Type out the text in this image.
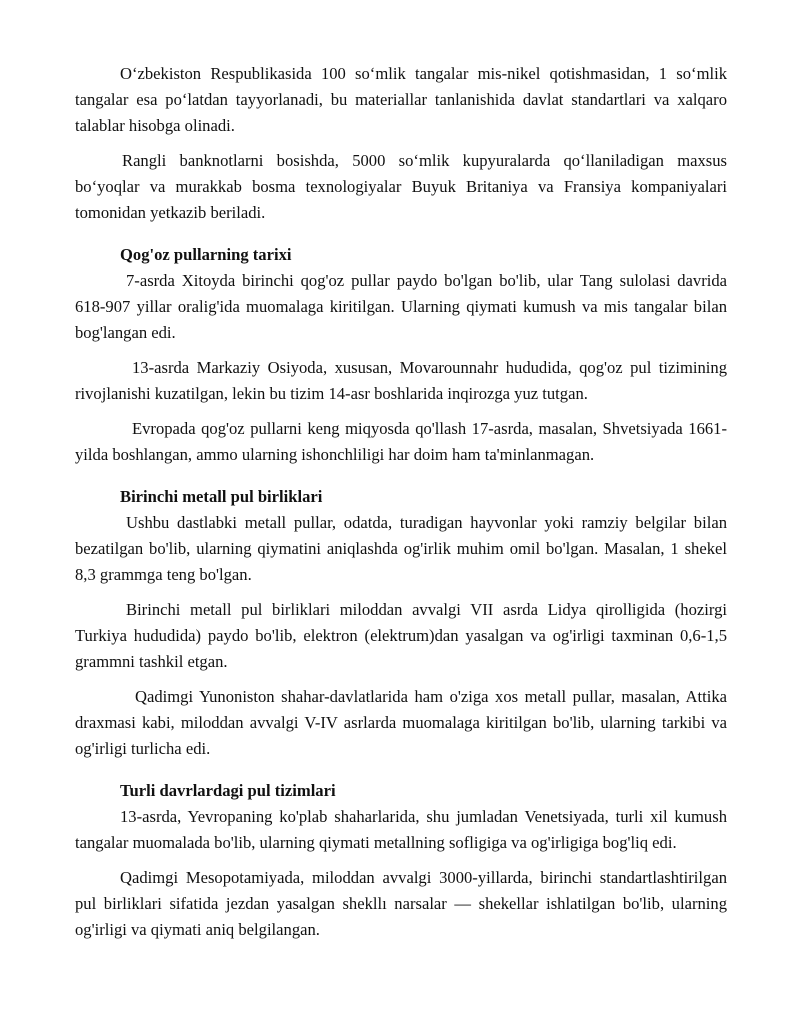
O‘zbekiston Respublikasida 100 so‘mlik tangalar mis-nikel qotishmasidan, 1 so‘mlik tangalar esa po‘latdan tayyorlanadi, bu materiallar tanlanishida davlat standartlari va xalqaro talablar hisobga olinadi.

Rangli banknotlarni bosishda, 5000 so‘mlik kupyuralarda qo‘llaniladigan maxsus bo‘yoqlar va murakkab bosma texnologiyalar Buyuk Britaniya va Fransiya kompaniyalari tomonidan yetkazib beriladi.

Qog'oz pullarning tarixi

7-asrda Xitoyda birinchi qog'oz pullar paydo bo'lgan bo'lib, ular Tang sulolasi davrida 618-907 yillar oralig'ida muomalaga kiritilgan. Ularning qiymati kumush va mis tangalar bilan bog'langan edi.

13-asrda Markaziy Osiyoda, xususan, Movarounnahr hududida, qog'oz pul tizimining rivojlanishi kuzatilgan, lekin bu tizim 14-asr boshlarida inqirozga yuz tutgan.

Evropada qog'oz pullarni keng miqyosda qo'llash 17-asrda, masalan, Shvetsiyada 1661-yilda boshlangan, ammo ularning ishonchliligi har doim ham ta'minlanmagan.

Birinchi metall pul birliklari

Ushbu dastlabki metall pullar, odatda, turadigan hayvonlar yoki ramziy belgilar bilan bezatilgan bo'lib, ularning qiymatini aniqlashda og'irlik muhim omil bo'lgan. Masalan, 1 shekel 8,3 grammga teng bo'lgan.

Birinchi metall pul birliklari miloddan avvalgi VII asrda Lidya qirolligida (hozirgi Turkiya hududida) paydo bo'lib, elektron (elektrum)dan yasalgan va og'irligi taxminan 0,6-1,5 grammni tashkil etgan.

Qadimgi Yunoniston shahar-davlatlarida ham o'ziga xos metall pullar, masalan, Attika draxmasi kabi, miloddan avvalgi V-IV asrlarda muomalaga kiritilgan bo'lib, ularning tarkibi va og'irligi turlicha edi.

Turli davrlardagi pul tizimlari

13-asrda, Yevropaning ko'plab shaharlarida, shu jumladan Venetsiyada, turli xil kumush tangalar muomalada bo'lib, ularning qiymati metallning sofligiga va og'irligiga bog'liq edi.

Qadimgi Mesopotamiyada, miloddan avvalgi 3000-yillarda, birinchi standartlashtirilgan pul birliklari sifatida jezdan yasalgan shekllı narsalar — shekellar ishlatilgan bo'lib, ularning og'irligi va qiymati aniq belgilangan.
